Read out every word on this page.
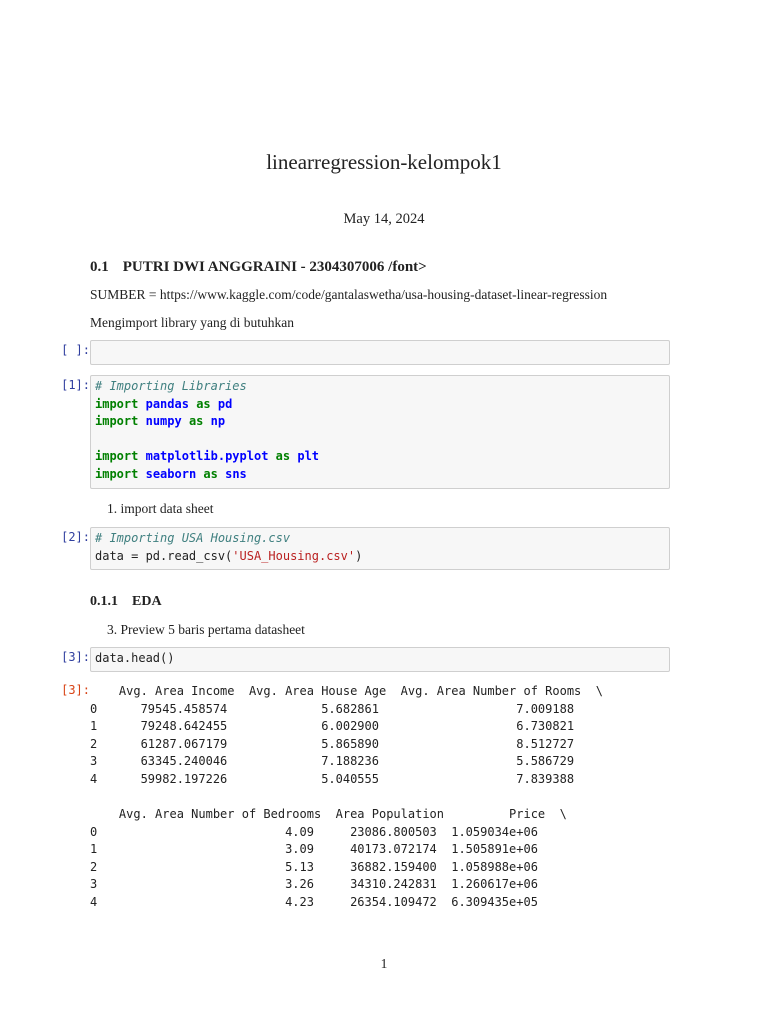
linearregression-kelompok1
May 14, 2024
0.1 PUTRI DWI ANGGRAINI - 2304307006 /font>
SUMBER = https://www.kaggle.com/code/gantalaswetha/usa-housing-dataset-linear-regression
Mengimport library yang di butuhkan
[ ]:
[1]: # Importing Libraries
import pandas as pd
import numpy as np

import matplotlib.pyplot as plt
import seaborn as sns
1. import data sheet
[2]: # Importing USA Housing.csv
data = pd.read_csv('USA_Housing.csv')
0.1.1 EDA
3. Preview 5 baris pertama datasheet
[3]: data.head()
[3]: Avg. Area Income  Avg. Area House Age  Avg. Area Number of Rooms  \
0      79545.458574             5.682861                   7.009188
1      79248.642455             6.002900                   6.730821
2      61287.067179             5.865890                   8.512727
3      63345.240046             7.188236                   5.586729
4      59982.197226             5.040555                   7.839388
Avg. Area Number of Bedrooms  Area Population         Price  \
0                          4.09     23086.800503  1.059034e+06
1                          3.09     40173.072174  1.505891e+06
2                          5.13     36882.159400  1.058988e+06
3                          3.26     34310.242831  1.260617e+06
4                          4.23     26354.109472  6.309435e+05
1
